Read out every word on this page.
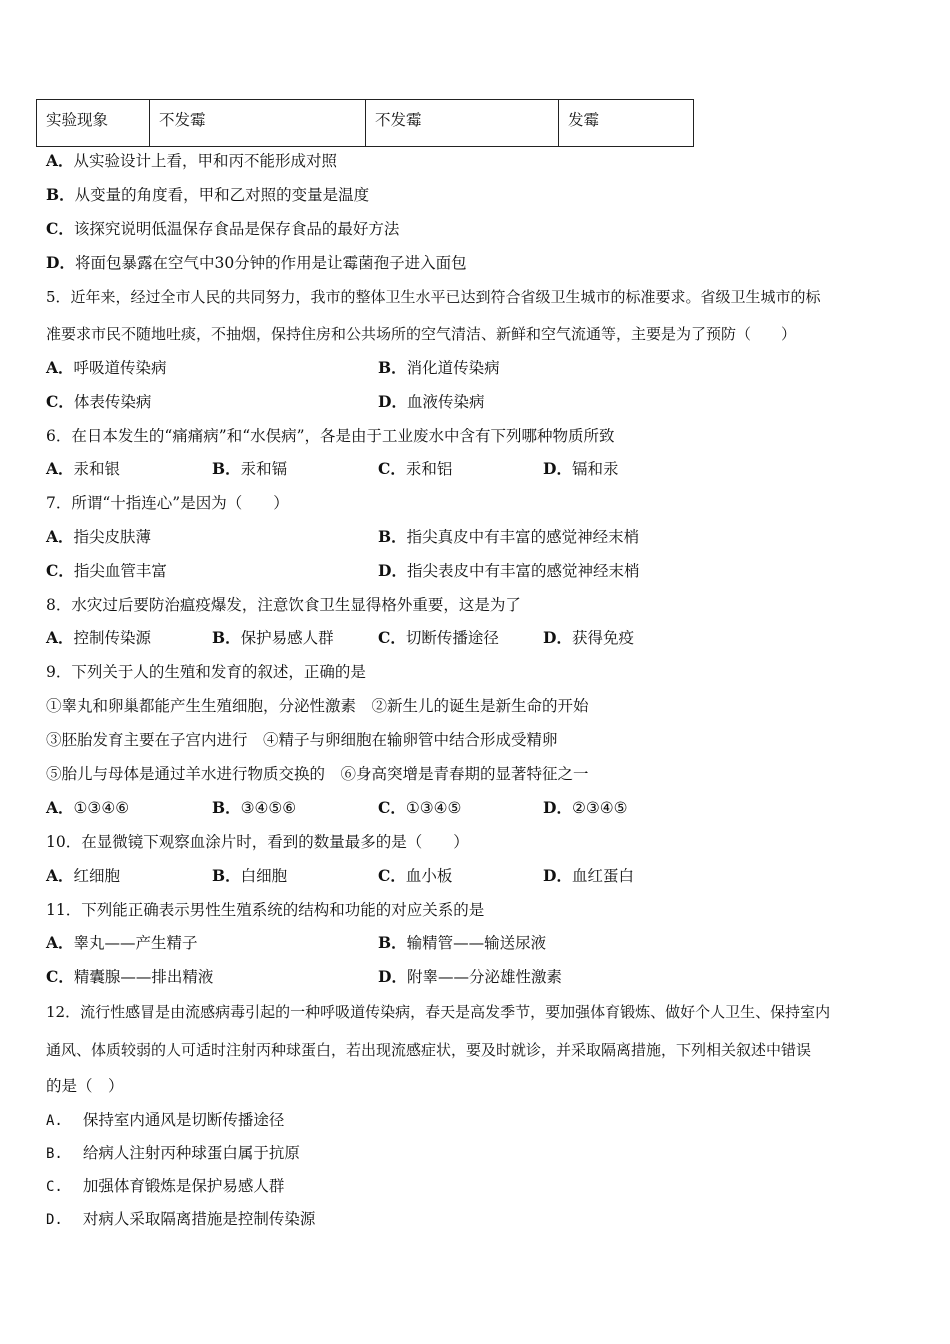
实验现象	不发霉	不发霉	发霉
A．从实验设计上看，甲和丙不能形成对照
B．从变量的角度看，甲和乙对照的变量是温度
C．该探究说明低温保存食品是保存食品的最好方法
D．将面包暴露在空气中30分钟的作用是让霉菌孢子进入面包
5．近年来，经过全市人民的共同努力，我市的整体卫生水平已达到符合省级卫生城市的标准要求。省级卫生城市的标
准要求市民不随地吐痰，不抽烟，保持住房和公共场所的空气清洁、新鲜和空气流通等，主要是为了预防（　　）
A．呼吸道传染病	B．消化道传染病
C．体表传染病	D．血液传染病
6．在日本发生的“痛痛病”和“水俣病”，各是由于工业废水中含有下列哪种物质所致
A．汞和银	B．汞和镉	C．汞和铝	D．镉和汞
7．所谓“十指连心”是因为（　　）
A．指尖皮肤薄	B．指尖真皮中有丰富的感觉神经末梢
C．指尖血管丰富	D．指尖表皮中有丰富的感觉神经末梢
8．水灾过后要防治瘟疫爆发，注意饮食卫生显得格外重要，这是为了
A．控制传染源	B．保护易感人群	C．切断传播途径	D．获得免疫
9．下列关于人的生殖和发育的叙述，正确的是
①睾丸和卵巢都能产生生殖细胞，分泌性激素　②新生儿的诞生是新生命的开始
③胚胎发育主要在子宫内进行　④精子与卵细胞在输卵管中结合形成受精卵
⑤胎儿与母体是通过羊水进行物质交换的　⑥身高突增是青春期的显著特征之一
A．①③④⑥	B．③④⑤⑥	C．①③④⑤	D．②③④⑤
10．在显微镜下观察血涂片时，看到的数量最多的是（　　）
A．红细胞	B．白细胞	C．血小板	D．血红蛋白
11．下列能正确表示男性生殖系统的结构和功能的对应关系的是
A．睾丸——产生精子	B．输精管——输送尿液
C．精囊腺——排出精液	D．附睾——分泌雄性激素
12．流行性感冒是由流感病毒引起的一种呼吸道传染病，春天是高发季节，要加强体育锻炼、做好个人卫生、保持室内
通风、体质较弱的人可适时注射丙种球蛋白，若出现流感症状，要及时就诊，并采取隔离措施，下列相关叙述中错误
的是（　）
A. 保持室内通风是切断传播途径
B. 给病人注射丙种球蛋白属于抗原
C. 加强体育锻炼是保护易感人群
D. 对病人采取隔离措施是控制传染源
